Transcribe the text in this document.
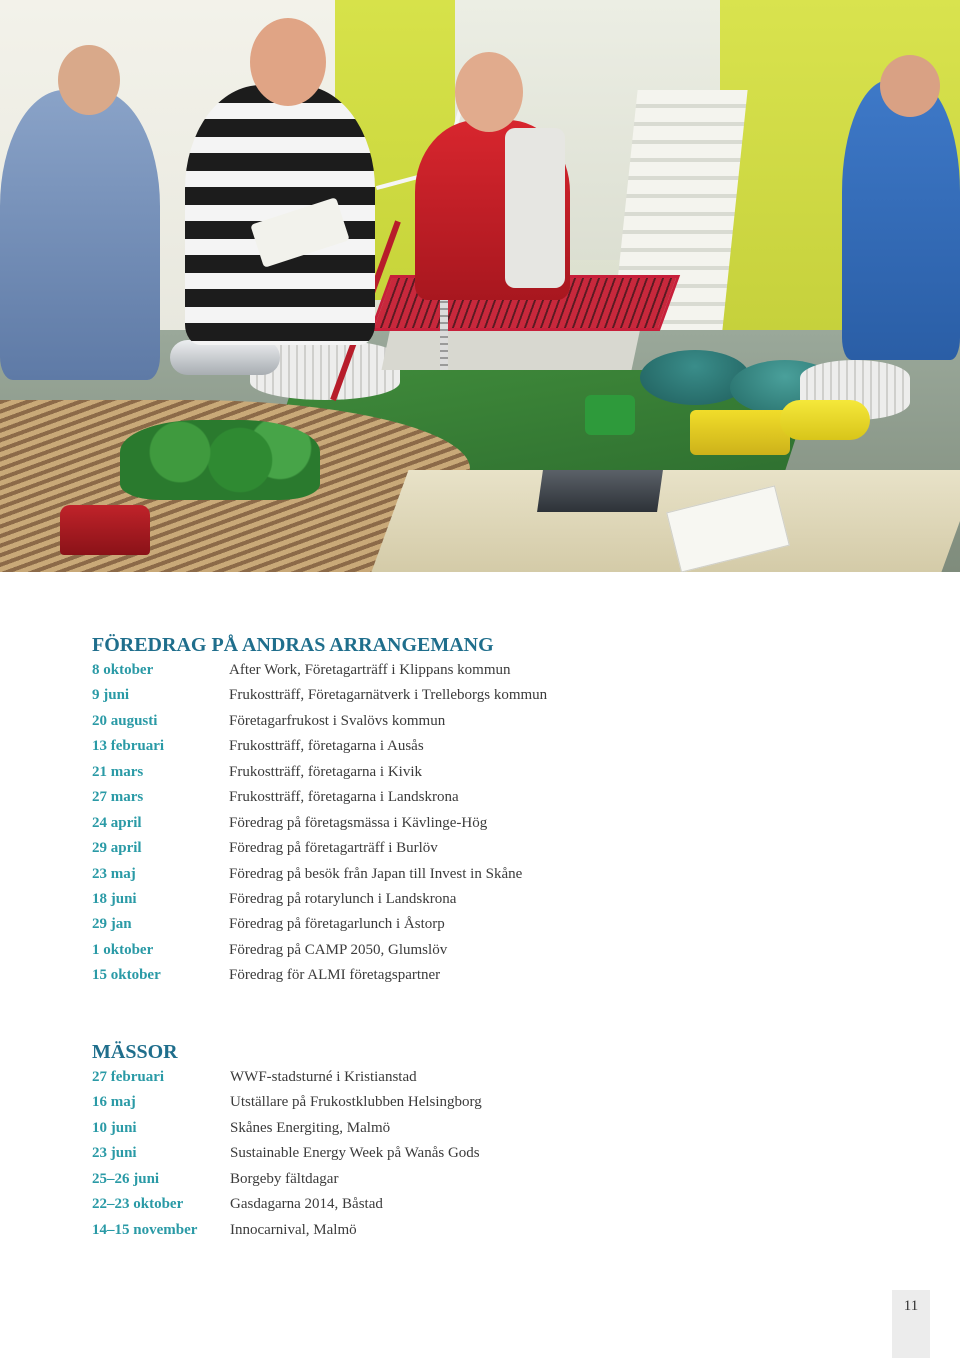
FÖREDRAG PÅ ANDRAS ARRANGEMANG
8 oktober	After Work, Företagarträff i Klippans kommun
9 juni	Frukostträff, Företagarnätverk i Trelleborgs kommun
20 augusti	Företagarfrukost i Svalövs kommun
13 februari	Frukostträff, företagarna i Ausås
21 mars	Frukostträff, företagarna i Kivik
27 mars	Frukostträff, företagarna i Landskrona
24 april	Föredrag på företagsmässa i Kävlinge-Hög
29 april	Föredrag på företagarträff i Burlöv
23 maj	Föredrag på besök från Japan till Invest in Skåne
18 juni	Föredrag på rotarylunch i Landskrona
29 jan	Föredrag på företagarlunch i Åstorp
1 oktober	Föredrag på CAMP 2050, Glumslöv
15 oktober	Föredrag för ALMI företagspartner
MÄSSOR
27 februari	WWF-stadsturné i Kristianstad
16 maj	Utställare på Frukostklubben Helsingborg
10 juni	Skånes Energiting, Malmö
23 juni	Sustainable Energy Week på Wanås Gods
25–26 juni	Borgeby fältdagar
22–23 oktober	Gasdagarna 2014, Båstad
14–15 november	Innocarnival, Malmö
11
